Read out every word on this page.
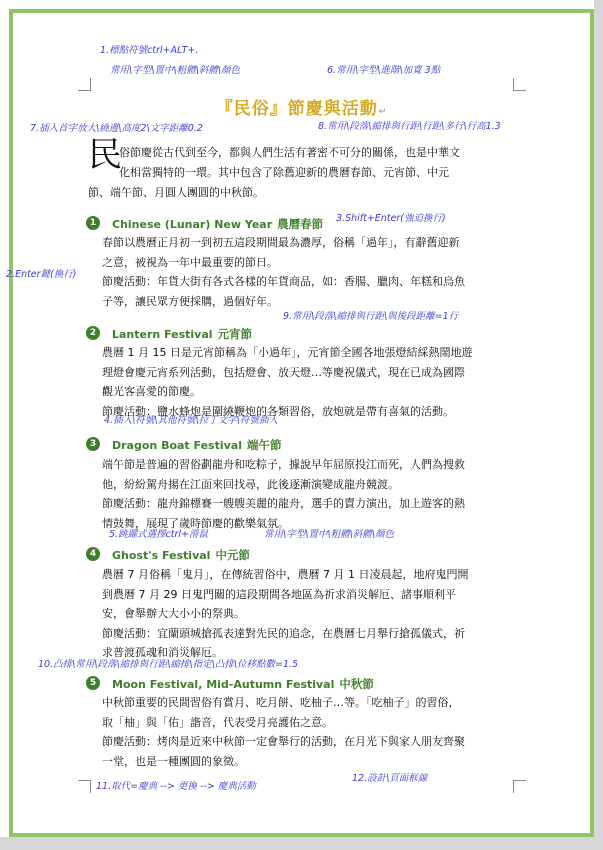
1.標點符號ctrl+ALT+.
常用\字型\置中\粗體\斜體\顏色	6.常用\字型\進階\加寬 3點
7.插入首字放大\繞邊\高度2\文字距離0.2	8.常用\段落\縮排與行距\行距\多行\行高1.3
2.Enter鍵(換行)
3.Shift+Enter(強迫換行)
9.常用\段落\縮排與行距\與後段距離=1行
4.插入\符號\其他符號\拉丁文字\符號插入
5.跳躍式選擇ctrl+滑鼠	常用\字型\置中\粗體\斜體\顏色
10.凸排\常用\段落\縮排與行距\縮排\指定\凸排\位移點數=1.5
11.取代=慶典 --> 更換 --> 慶典活動
12.設計\頁面框線
『民俗』節慶與活動↵
民
俗節慶從古代到至今，都與人們生活有著密不可分的關係，也是中華文
化相當獨特的一環。其中包含了除舊迎新的農曆春節、元宵節、中元
節、端午節、月圓人團圓的中秋節。
1 Chinese (Lunar) New Year 農曆春節
春節以農曆正月初一到初五這段期間最為濃厚，俗稱「過年」，有辭舊迎新
之意，被視為一年中最重要的節日。
節慶活動：年貨大街有各式各樣的年貨商品，如：香腸、臘肉、年糕和烏魚
子等，讓民眾方便採購，過個好年。
2 Lantern Festival 元宵節
農曆 1 月 15 日是元宵節稱為「小過年」，元宵節全國各地張燈結綵熱鬧地遊
理燈會慶元宵系列活動，包括燈會、放天燈…等慶祝儀式，現在已成為國際
觀光客喜愛的節慶。
節慶活動：鹽水蜂炮是圍繞鞭炮的各類習俗，放炮就是帶有喜氣的活動。
3 Dragon Boat Festival 端午節
端午節是普遍的習俗劃龍舟和吃粽子，據說早年屈原投江而死，人們為搜救
他，紛紛駕舟揚在江面來回找尋，此後逐漸演變成龍舟競渡。
節慶活動：龍舟錦標賽一艘艘美麗的龍舟，選手的賣力演出，加上遊客的熱
情鼓舞，展現了歲時節慶的歡樂氣氛。
4 Ghost's Festival 中元節
農曆 7 月俗稱「鬼月」，在傳統習俗中，農曆 7 月 1 日凌晨起，地府鬼門開
到農曆 7 月 29 日鬼門關的這段期間各地區為祈求消災解厄、諸事順利平
安，會舉辦大大小小的祭典。
節慶活動：宜蘭頭城搶孤表達對先民的追念，在農曆七月舉行搶孤儀式，祈
求普渡孤魂和消災解厄。
5 Moon Festival, Mid-Autumn Festival 中秋節
中秋節重要的民間習俗有賞月、吃月餅、吃柚子…等。「吃柚子」的習俗，
取「柚」與「佑」諧音，代表受月亮護佑之意。
節慶活動：烤肉是近來中秋節一定會舉行的活動，在月光下與家人朋友齊聚
一堂，也是一種團圓的象徵。
